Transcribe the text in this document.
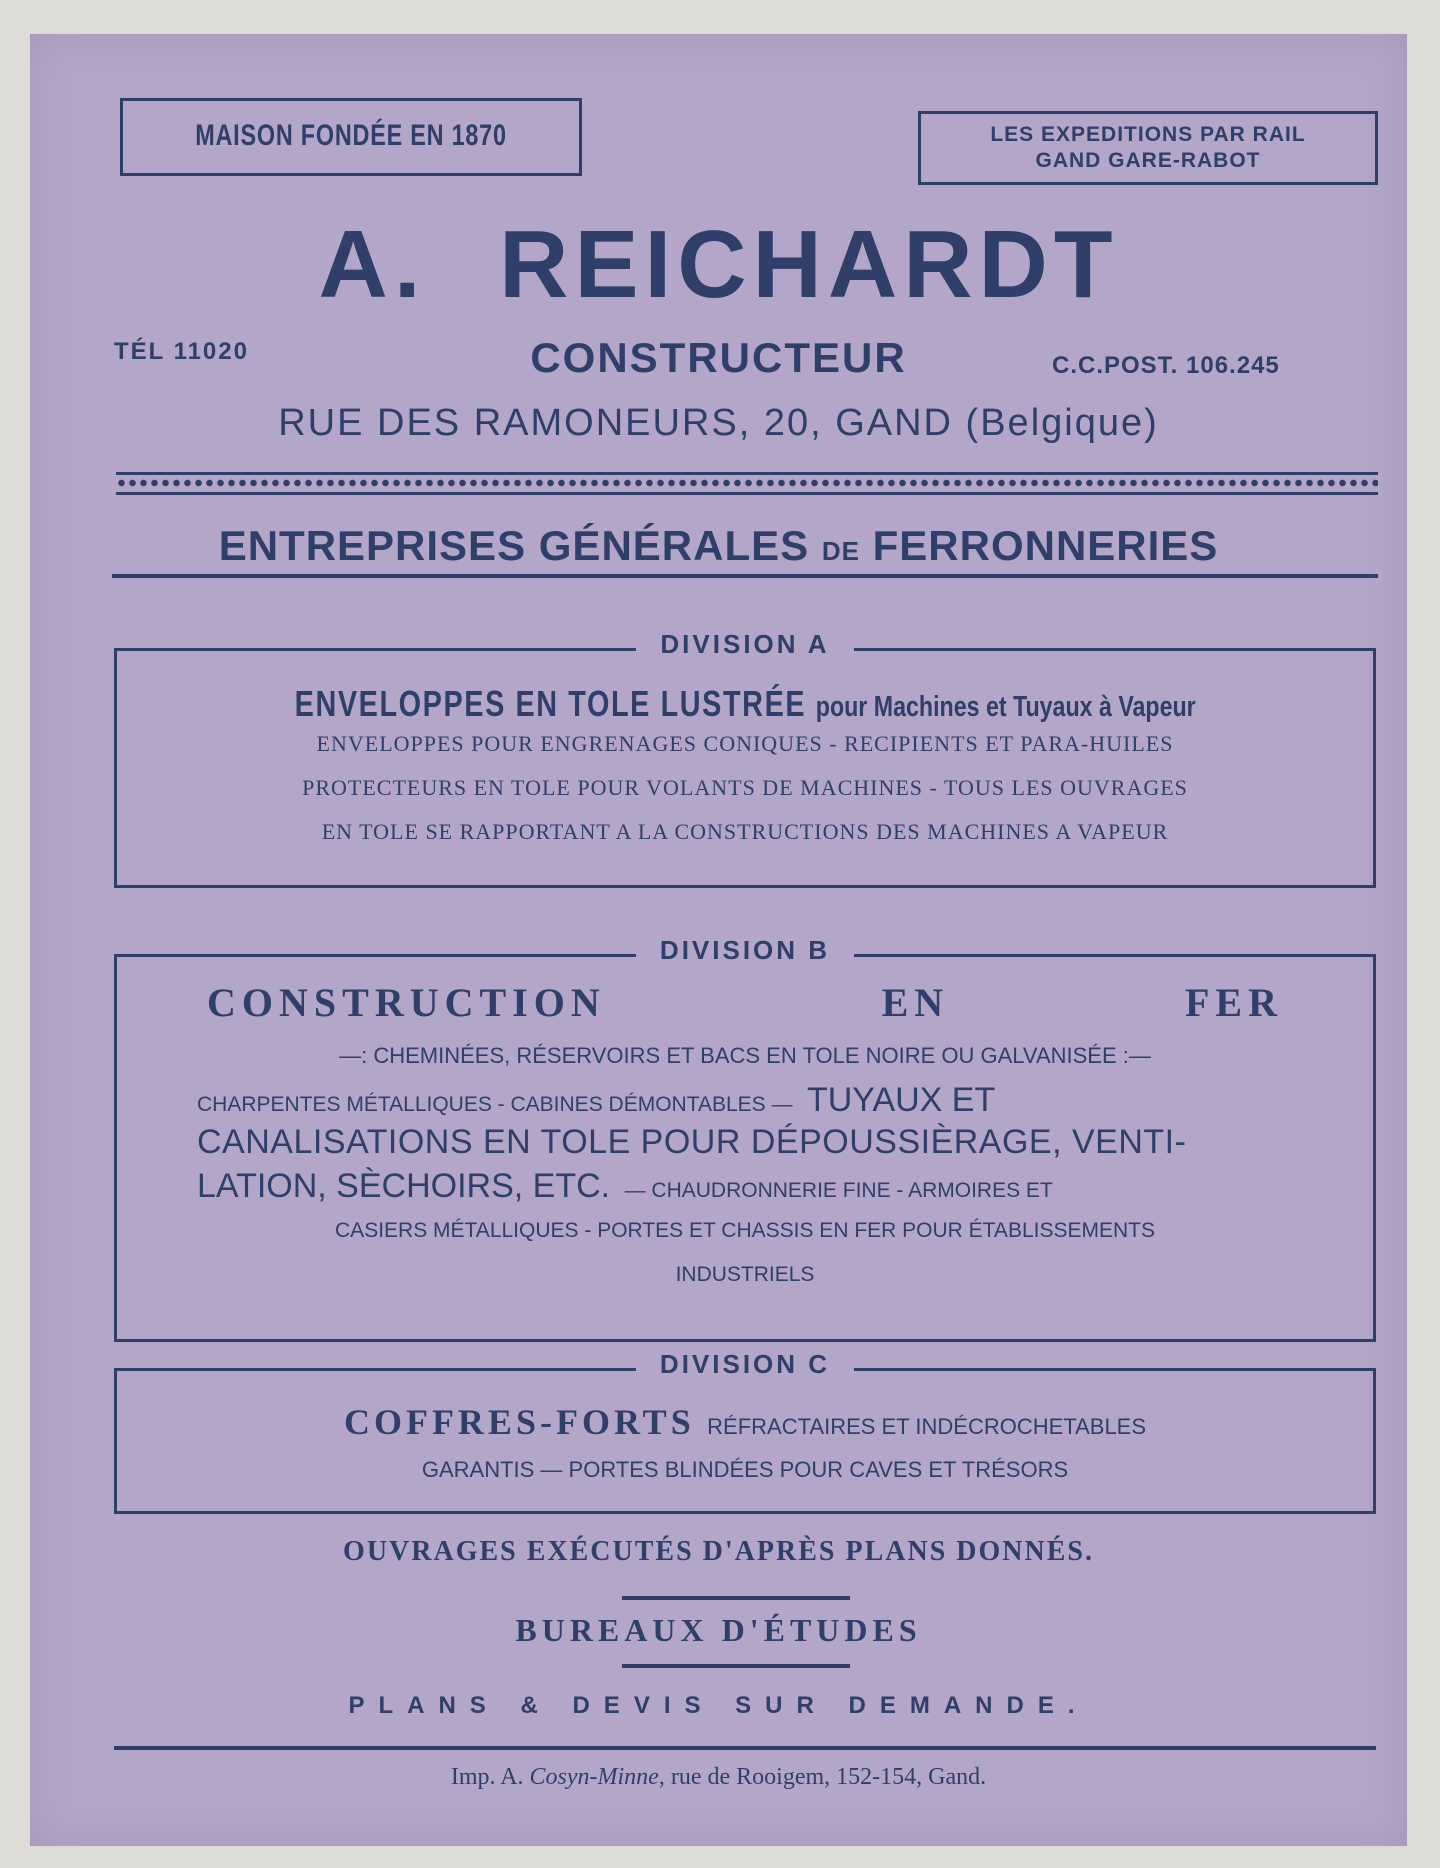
MAISON FONDÉE EN 1870	LES EXPEDITIONS PAR RAIL
GAND GARE-RABOT
A. REICHARDT
TÉL 11020	CONSTRUCTEUR	C.C.POST. 106.245
RUE DES RAMONEURS, 20, GAND (Belgique)
ENTREPRISES GÉNÉRALES DE FERRONNERIES
DIVISION A
ENVELOPPES EN TOLE LUSTRÉE pour Machines et Tuyaux à Vapeur
ENVELOPPES POUR ENGRENAGES CONIQUES - RECIPIENTS ET PARA-HUILES
PROTECTEURS EN TOLE POUR VOLANTS DE MACHINES - TOUS LES OUVRAGES
EN TOLE SE RAPPORTANT A LA CONSTRUCTIONS DES MACHINES A VAPEUR
DIVISION B
CONSTRUCTION	FER
EN
—: CHEMINÉES, RÉSERVOIRS ET BACS EN TOLE NOIRE OU GALVANISÉE :—
CHARPENTES MÉTALLIQUES - CABINES DÉMONTABLES — TUYAUX ET
CANALISATIONS EN TOLE POUR DÉPOUSSIÈRAGE, VENTI-
LATION, SÈCHOIRS, ETC. — CHAUDRONNERIE FINE - ARMOIRES ET
CASIERS MÉTALLIQUES - PORTES ET CHASSIS EN FER POUR ÉTABLISSEMENTS
INDUSTRIELS
DIVISION C
COFFRES-FORTS RÉFRACTAIRES ET INDÉCROCHETABLES
GARANTIS — PORTES BLINDÉES POUR CAVES ET TRÉSORS
OUVRAGES EXÉCUTÉS D'APRÈS PLANS DONNÉS.
BUREAUX D'ÉTUDES
PLANS & DEVIS SUR DEMANDE.
Imp. A. Cosyn-Minne, rue de Rooigem, 152-154, Gand.
